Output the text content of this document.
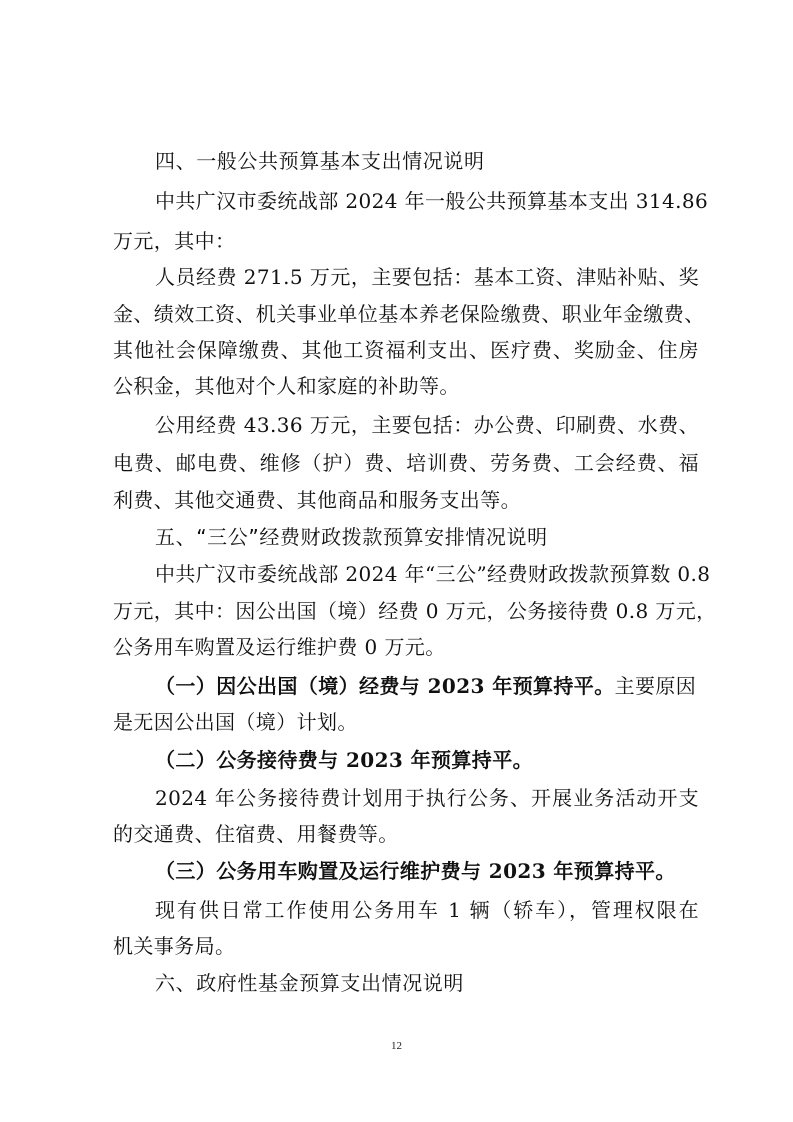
四、一般公共预算基本支出情况说明
中共广汉市委统战部 2024 年一般公共预算基本支出 314.86
万元，其中：
人员经费 271.5 万元，主要包括：基本工资、津贴补贴、奖
金、绩效工资、机关事业单位基本养老保险缴费、职业年金缴费、
其他社会保障缴费、其他工资福利支出、医疗费、奖励金、住房
公积金，其他对个人和家庭的补助等。
公用经费 43.36 万元，主要包括：办公费、印刷费、水费、
电费、邮电费、维修（护）费、培训费、劳务费、工会经费、福
利费、其他交通费、其他商品和服务支出等。
五、“三公”经费财政拨款预算安排情况说明
中共广汉市委统战部 2024 年“三公”经费财政拨款预算数 0.8
万元，其中：因公出国（境）经费 0 万元，公务接待费 0.8 万元，
公务用车购置及运行维护费 0 万元。
（一）因公出国（境）经费与 2023 年预算持平。主要原因
是无因公出国（境）计划。
（二）公务接待费与 2023 年预算持平。
2024 年公务接待费计划用于执行公务、开展业务活动开支
的交通费、住宿费、用餐费等。
（三）公务用车购置及运行维护费与 2023 年预算持平。
现有供日常工作使用公务用车 1 辆（轿车），管理权限在
机关事务局。
六、政府性基金预算支出情况说明
12
